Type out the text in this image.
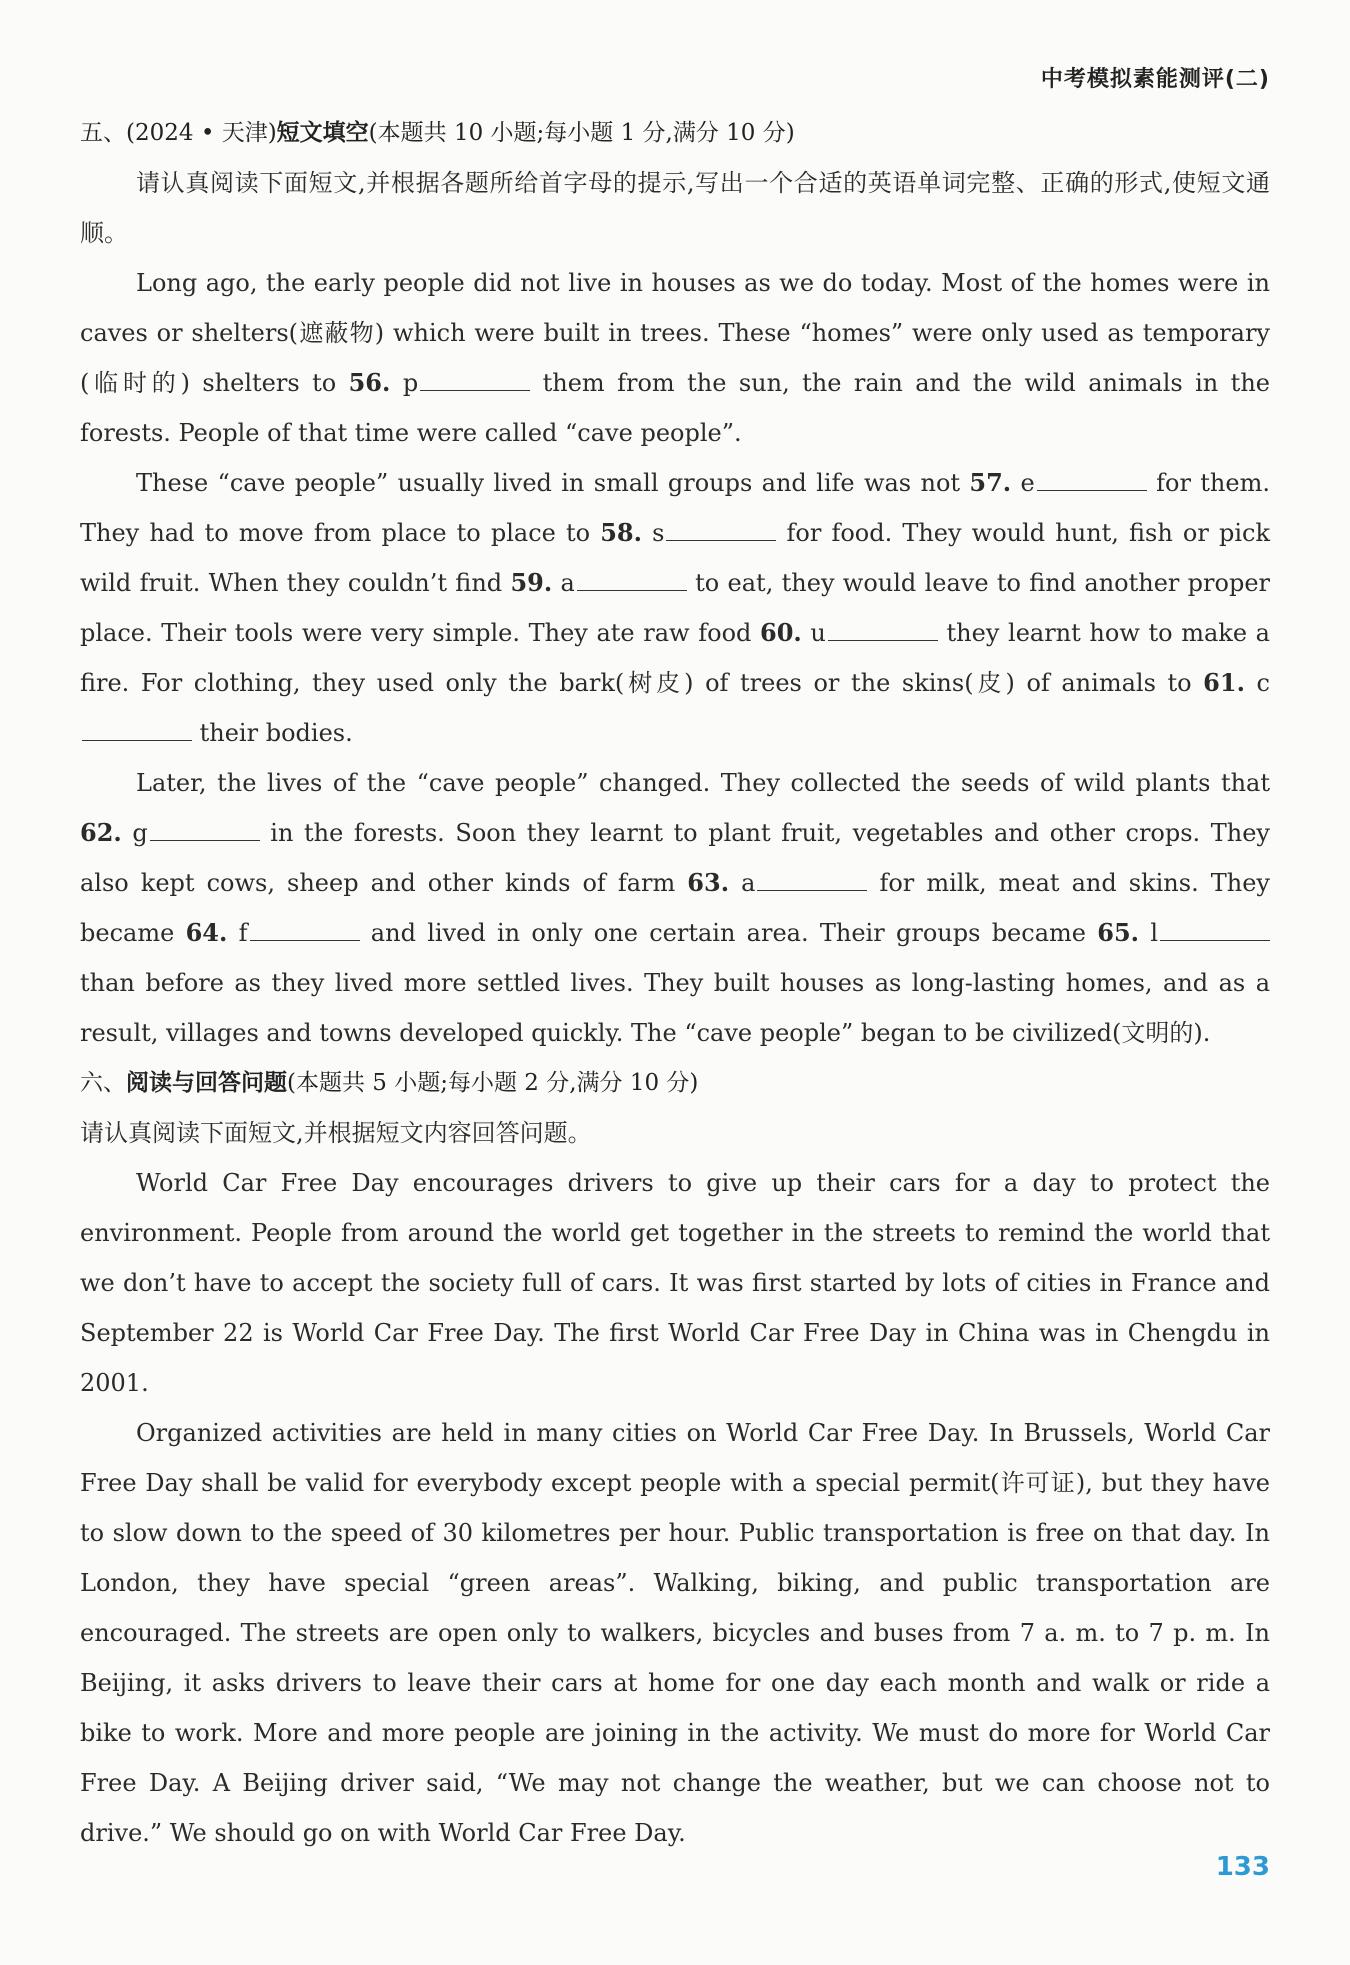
中考模拟素能测评(二)
五、(2024 • 天津)短文填空(本题共 10 小题;每小题 1 分,满分 10 分)

请认真阅读下面短文,并根据各题所给首字母的提示,写出一个合适的英语单词完整、正确的形式,使短文通顺。

Long ago, the early people did not live in houses as we do today. Most of the homes were in caves or shelters(遮蔽物) which were built in trees. These “homes” were only used as temporary (临时的) shelters to 56. p	them from the sun, the rain and the wild animals in the forests. People of that time were called “cave people”.

These “cave people” usually lived in small groups and life was not 57. e	for them. They had to move from place to place to 58. s	for food. They would hunt, fish or pick wild fruit. When they couldn’t find 59. a	to eat, they would leave to find another proper place. Their tools were very simple. They ate raw food 60. u	they learnt how to make a fire. For clothing, they used only the bark(树皮) of trees or the skins(皮) of animals to 61. c their bodies.

Later, the lives of the “cave people” changed. They collected the seeds of wild plants that 62. g	in the forests. Soon they learnt to plant fruit, vegetables and other crops. They also kept cows, sheep and other kinds of farm 63. a	for milk, meat and skins. They became 64. f	and lived in only one certain area. Their groups became 65. l than before as they lived more settled lives. They built houses as long-lasting homes, and as a result, villages and towns developed quickly. The “cave people” began to be civilized(文明的).

六、阅读与回答问题(本题共 5 小题;每小题 2 分,满分 10 分)

请认真阅读下面短文,并根据短文内容回答问题。

World Car Free Day encourages drivers to give up their cars for a day to protect the environment. People from around the world get together in the streets to remind the world that we don’t have to accept the society full of cars. It was first started by lots of cities in France and September 22 is World Car Free Day. The first World Car Free Day in China was in Chengdu in 2001.

Organized activities are held in many cities on World Car Free Day. In Brussels, World Car Free Day shall be valid for everybody except people with a special permit(许可证), but they have to slow down to the speed of 30 kilometres per hour. Public transportation is free on that day. In London, they have special “green areas”. Walking, biking, and public transportation are encouraged. The streets are open only to walkers, bicycles and buses from 7 a. m. to 7 p. m. In Beijing, it asks drivers to leave their cars at home for one day each month and walk or ride a bike to work. More and more people are joining in the activity. We must do more for World Car Free Day. A Beijing driver said, “We may not change the weather, but we can choose not to drive.” We should go on with World Car Free Day.

133
